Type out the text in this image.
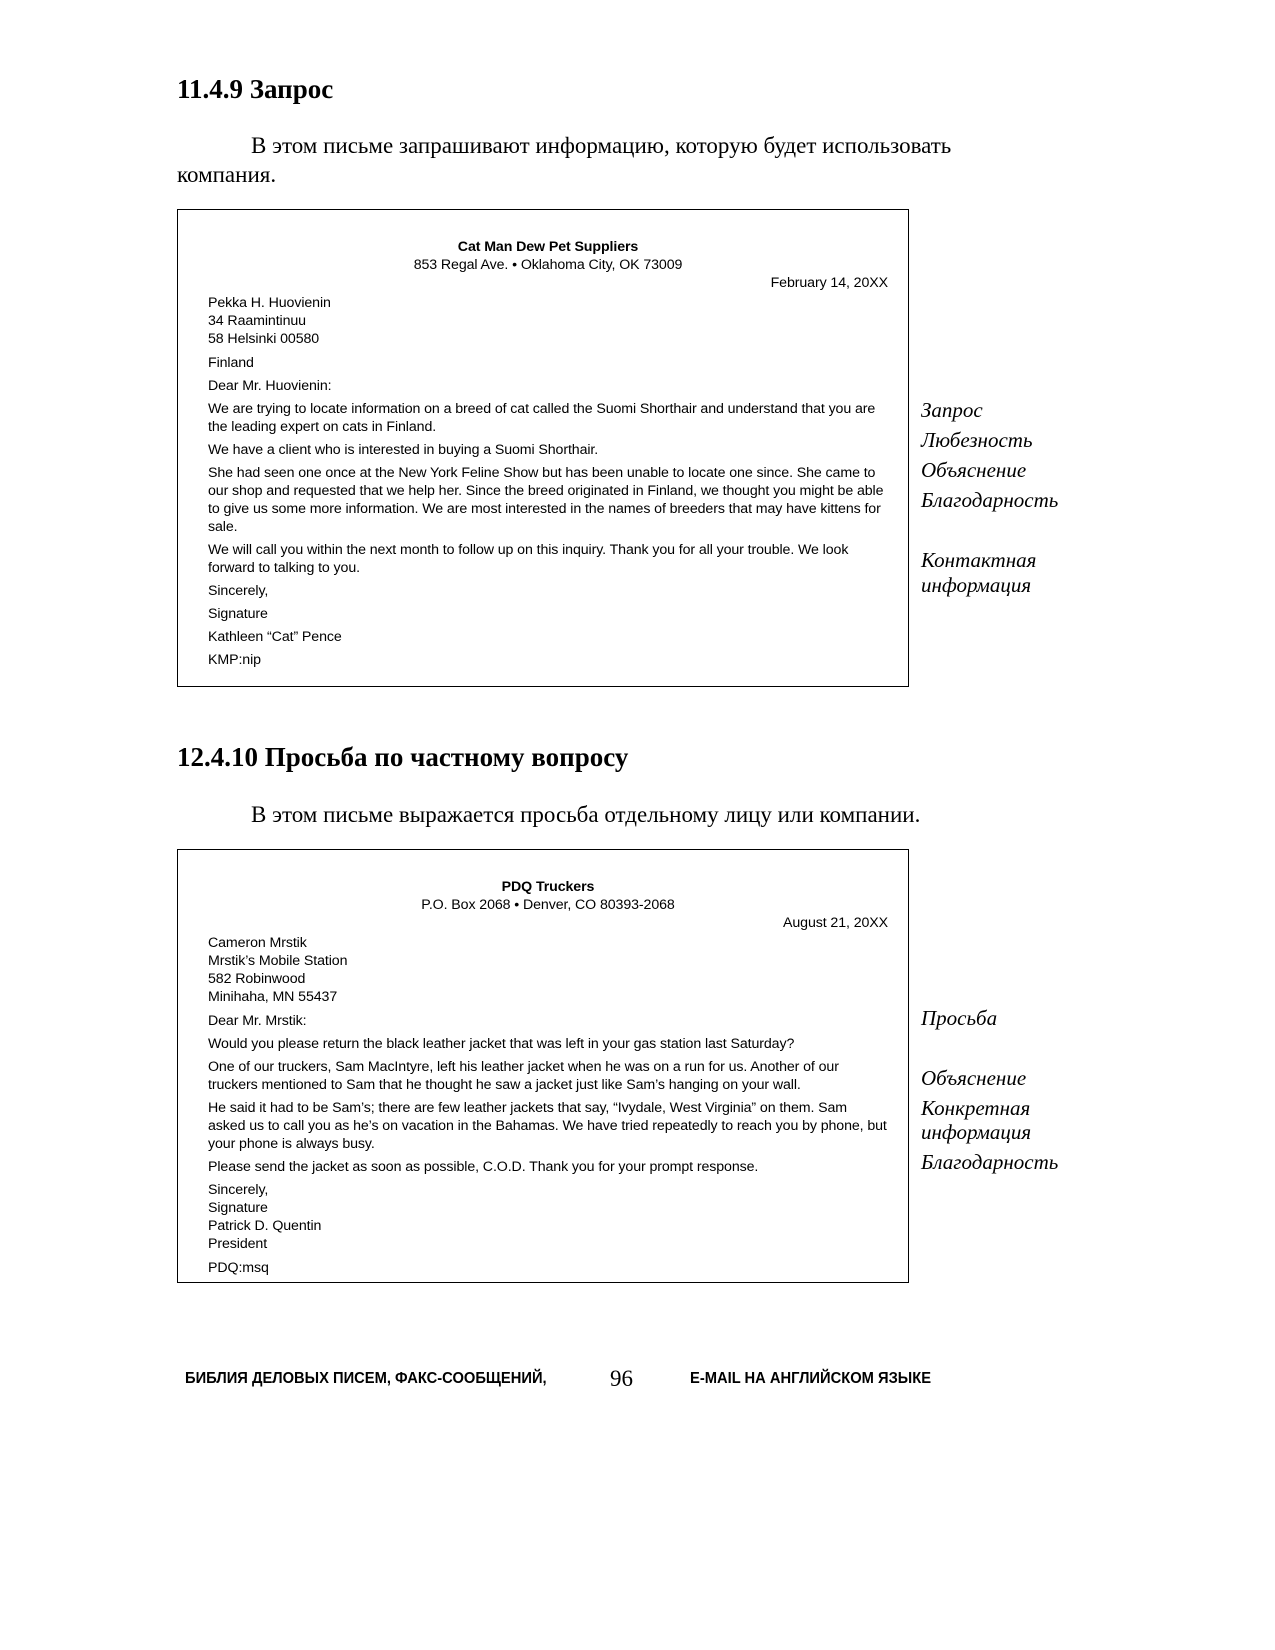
11.4.9 Запрос

В этом письме запрашивают информацию, которую будет использовать компания.

Cat Man Dew Pet Suppliers

853 Regal Ave. • Oklahoma City, OK 73009

February 14, 20XX

Pekka H. Huovienin
34 Raamintinuu
58 Helsinki 00580

Finland

Dear Mr. Huovienin:

We are trying to locate information on a breed of cat called the Suomi Shorthair and understand that you are the leading expert on cats in Finland.

We have a client who is interested in buying a Suomi Shorthair.

She had seen one once at the New York Feline Show but has been unable to locate one since. She came to our shop and requested that we help her. Since the breed originated in Finland, we thought you might be able to give us some more information. We are most interested in the names of breeders that may have kittens for sale.

We will call you within the next month to follow up on this inquiry. Thank you for all your trouble. We look forward to talking to you.

Sincerely,

Signature

Kathleen “Cat” Pence

KMP:nip

Запрос
Любезность
Объяснение
Благодарность
Контактная
информация
12.4.10 Просьба по частному вопросу

В этом письме выражается просьба отдельному лицу или компании.

PDQ Truckers

P.O. Box 2068 • Denver, CO 80393-2068

August 21, 20XX

Cameron Mrstik
Mrstik’s Mobile Station
582 Robinwood
Minihaha, MN 55437

Dear Mr. Mrstik:

Would you please return the black leather jacket that was left in your gas station last Saturday?

One of our truckers, Sam MacIntyre, left his leather jacket when he was on a run for us. Another of our truckers mentioned to Sam that he thought he saw a jacket just like Sam’s hanging on your wall.

He said it had to be Sam’s; there are few leather jackets that say, “Ivydale, West Virginia” on them. Sam asked us to call you as he’s on vacation in the Bahamas. We have tried repeatedly to reach you by phone, but your phone is always busy.

Please send the jacket as soon as possible, C.O.D. Thank you for your prompt response.

Sincerely,
Signature
Patrick D. Quentin
President

PDQ:msq

Просьба
Объяснение
Конкретная
информация
Благодарность
БИБЛИЯ ДЕЛОВЫХ ПИСЕМ, ФАКС-СООБЩЕНИЙ,	96	E-MAIL НА АНГЛИЙСКОМ ЯЗЫКЕ
